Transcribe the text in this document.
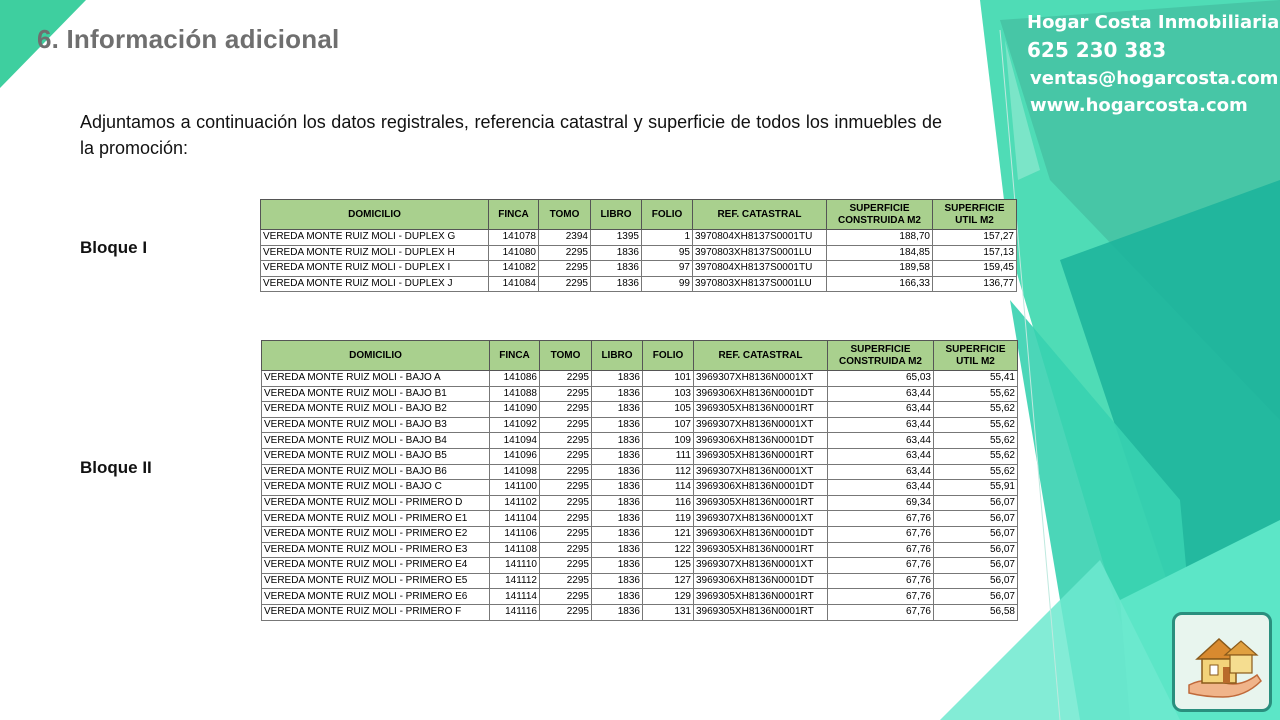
6. Información adicional
Hogar Costa Inmobiliaria
625 230 383
ventas@hogarcosta.com
www.hogarcosta.com
Adjuntamos a continuación los datos registrales, referencia catastral y superficie de todos los inmuebles de la promoción:
Bloque I
Bloque II
DOMICILIO	FINCA	TOMO	LIBRO	FOLIO	REF. CATASTRAL	SUPERFICIE CONSTRUIDA M2	SUPERFICIE UTIL M2
VEREDA MONTE RUIZ MOLI - DUPLEX G	141078	2394	1395	1	3970804XH8137S0001TU	188,70	157,27
VEREDA MONTE RUIZ MOLI - DUPLEX H	141080	2295	1836	95	3970803XH8137S0001LU	184,85	157,13
VEREDA MONTE RUIZ MOLI - DUPLEX I	141082	2295	1836	97	3970804XH8137S0001TU	189,58	159,45
VEREDA MONTE RUIZ MOLI - DUPLEX J	141084	2295	1836	99	3970803XH8137S0001LU	166,33	136,77
DOMICILIO	FINCA	TOMO	LIBRO	FOLIO	REF. CATASTRAL	SUPERFICIE CONSTRUIDA M2	SUPERFICIE UTIL M2
VEREDA MONTE RUIZ MOLI - BAJO A	141086	2295	1836	101	3969307XH8136N0001XT	65,03	55,41
VEREDA MONTE RUIZ MOLI - BAJO B1	141088	2295	1836	103	3969306XH8136N0001DT	63,44	55,62
VEREDA MONTE RUIZ MOLI - BAJO B2	141090	2295	1836	105	3969305XH8136N0001RT	63,44	55,62
VEREDA MONTE RUIZ MOLI - BAJO B3	141092	2295	1836	107	3969307XH8136N0001XT	63,44	55,62
VEREDA MONTE RUIZ MOLI - BAJO B4	141094	2295	1836	109	3969306XH8136N0001DT	63,44	55,62
VEREDA MONTE RUIZ MOLI - BAJO B5	141096	2295	1836	111	3969305XH8136N0001RT	63,44	55,62
VEREDA MONTE RUIZ MOLI - BAJO B6	141098	2295	1836	112	3969307XH8136N0001XT	63,44	55,62
VEREDA MONTE RUIZ MOLI - BAJO C	141100	2295	1836	114	3969306XH8136N0001DT	63,44	55,91
VEREDA MONTE RUIZ MOLI - PRIMERO D	141102	2295	1836	116	3969305XH8136N0001RT	69,34	56,07
VEREDA MONTE RUIZ MOLI - PRIMERO E1	141104	2295	1836	119	3969307XH8136N0001XT	67,76	56,07
VEREDA MONTE RUIZ MOLI - PRIMERO E2	141106	2295	1836	121	3969306XH8136N0001DT	67,76	56,07
VEREDA MONTE RUIZ MOLI - PRIMERO E3	141108	2295	1836	122	3969305XH8136N0001RT	67,76	56,07
VEREDA MONTE RUIZ MOLI - PRIMERO E4	141110	2295	1836	125	3969307XH8136N0001XT	67,76	56,07
VEREDA MONTE RUIZ MOLI - PRIMERO E5	141112	2295	1836	127	3969306XH8136N0001DT	67,76	56,07
VEREDA MONTE RUIZ MOLI - PRIMERO E6	141114	2295	1836	129	3969305XH8136N0001RT	67,76	56,07
VEREDA MONTE RUIZ MOLI - PRIMERO F	141116	2295	1836	131	3969305XH8136N0001RT	67,76	56,58
